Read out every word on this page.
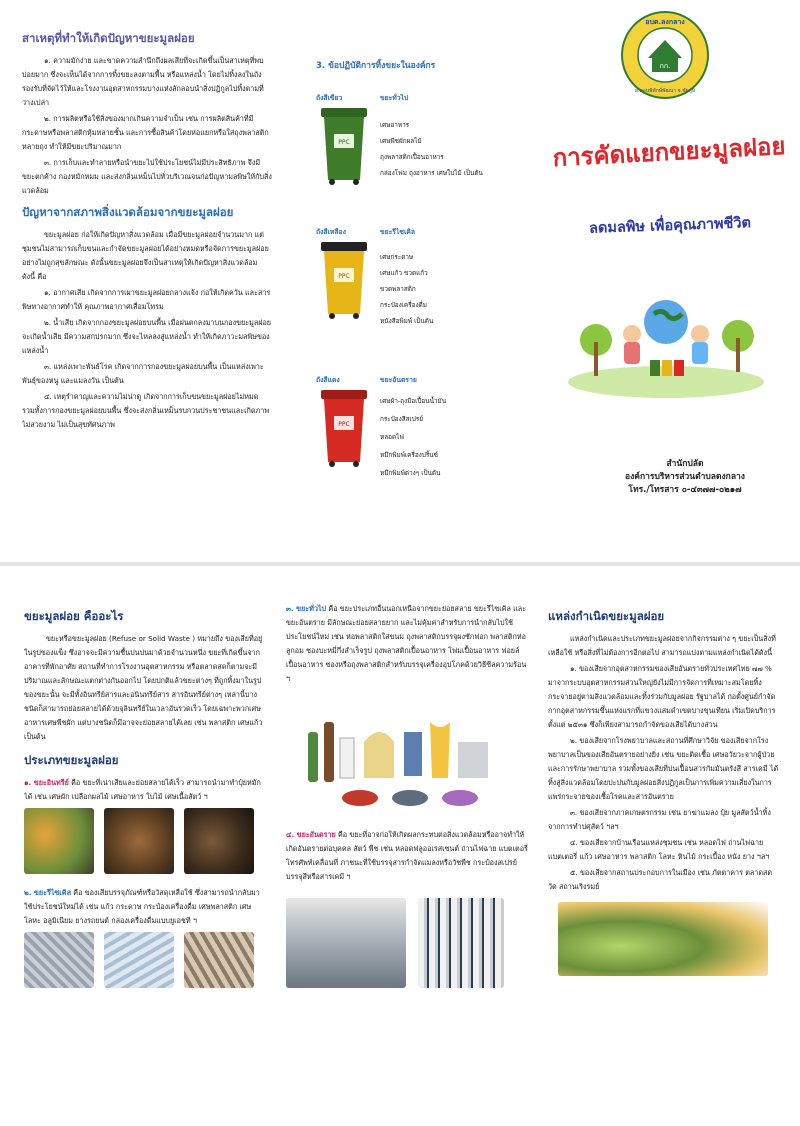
สาเหตุที่ทำให้เกิดปัญหาขยะมูลฝอย

๑. ความมักง่าย และขาดความสำนึกถึงผลเสียที่จะเกิดขึ้นเป็นสาเหตุที่พบบ่อยมาก ซึ่งจะเห็นได้จากการทิ้งขยะลงตามพื้น หรือแหล่งน้ำ โดยไม่ทิ้งลงในถังรองรับที่จัดไว้ให้และโรงงานอุตสาหกรรมบางแห่งลักลอบนำสิ่งปฏิกูลไปทิ้งตามที่ว่างเปล่า

๒. การผลิตหรือใช้สิ่งของมากเกินความจำเป็น เช่น การผลิตสินค้าที่มีกระดาษหรือพลาสติกหุ้มหลายชั้น และการซื้อสินค้าโดยห่อแยกหรือใส่ถุงพลาสติกหลายถุง ทำให้มีขยะปริมาณมาก

๓. การเก็บและทำลายหรือนำขยะไปใช้ประโยชน์ไม่มีประสิทธิภาพ จึงมีขยะตกค้าง กองหมักหมม และส่งกลิ่นเหม็นไปทั่วบริเวณจนก่อปัญหามลพิษให้กับสิ่งแวดล้อม

ปัญหาจากสภาพสิ่งแวดล้อมจากขยะมูลฝอย

ขยะมูลฝอย ก่อให้เกิดปัญหาสิ่งแวดล้อม เมื่อมีขยะมูลฝอยจำนวนมาก แต่ชุมชนไม่สามารถเก็บขนและกำจัดขยะมูลฝอยได้อย่างหมดหรือจัดการขยะมูลฝอยอย่างไม่ถูกสุขลักษณะ ดังนั้นขยะมูลฝอยจึงเป็นสาเหตุให้เกิดปัญหาสิ่งแวดล้อม ดังนี้ คือ

๑. อากาศเสีย เกิดจากการเผาขยะมูลฝอยกลางแจ้ง ก่อให้เกิดควัน และสารพิษทางอากาศทำให้ คุณภาพอากาศเสื่อมโทรม

๒. น้ำเสีย เกิดจากกองขยะมูลฝอยบนพื้น เมื่อฝนตกลงมาบนกองขยะมูลฝอยจะเกิดน้ำเสีย มีความสกปรกมาก ซึ่งจะไหลลงสู่แหล่งน้ำ ทำให้เกิดภาวะมลพิษของแหล่งน้ำ

๓. แหล่งเพาะพันธ์โรค เกิดจากการกองขยะมูลฝอยบนพื้น เป็นแหล่งเพาะพันธุ์ของหนู และแมลงวัน เป็นต้น

๔. เหตุรำคาญและความไม่น่าดู เกิดจากการเก็บขนขยะมูลฝอยไม่หมด รวมทั้งการกองขยะมูลฝอยบนพื้น ซึ่งจะส่งกลิ่นเหม็นรบกวนประชาชนและเกิดภาพไม่สวยงาม ไม่เป็นสุขทัศนภาพ

3. ข้อปฏิบัติการทิ้งขยะในองค์กร
ถังสีเขียว	ขยะทั่วไป
PPC
เศษอาหาร
เศษพืชผักผลไม้
ถุงพลาสติกเปื้อนอาหาร
กล่องโฟม ถุงอาหาร เศษใบไม้ เป็นต้น
ถังสีเหลือง	ขยะรีไซเคิล
PPC
เศษกระดาษ
เศษแก้ว ขวดแก้ว
ขวดพลาสติก
กระป๋องเครื่องดื่ม
หนังสือพิมพ์ เป็นต้น
ถังสีแดง	ขยะอันตราย
PPC
เศษผ้า-ถุงมือเปื้อนน้ำมัน
กระป๋องสีสเปรย์
หลอดไฟ
หมึกพิมพ์เครื่องปริ้นซ์
หมึกพิมพ์ต่างๆ เป็นต้น
กก.
อบต.ลงกลาง
อ.ดอนพิทักษ์พัฒนา จ.ชัยภูมิ
การคัดแยกขยะมูลฝอย
ลดมลพิษ เพื่อคุณภาพชีวิต
สำนักปลัด
องค์การบริหารส่วนตำบลดงกลาง
โทร./โทรสาร ๐-๔๓๗๗-๐๒๑๗
ขยะมูลฝอย คืออะไร

ขยะหรือขยะมูลฝอย (Refuse or Solid Waste ) หมายถึง ของเสียที่อยู่ในรูปของแข็ง ซึ่งอาจจะมีความชื้นปนปนมาด้วยจำนวนหนึ่ง ขยะที่เกิดขึ้นจากอาคารที่พักอาศัย สถานที่ทำการโรงงานอุตสาหกรรม หรือตลาดสดก็ตามจะมีปริมาณและลักษณะแตกต่างกันออกไป โดยปกติแล้วขยะต่างๆ ที่ถูกทิ้งมาในรูปของขยะนั้น จะมีทั้งอินทรีย์สารและอนินทรีย์สาร สารอินทรีย์ต่างๆ เหล่านี้บางชนิดก็สามารถย่อยสลายได้ด้วยจุลินทรีย์ในเวลาอันรวดเร็ว โดยเฉพาะพวกเศษอาหารเศษพืชผัก แต่บางชนิดก็มีอาจจะย่อยสลายได้เลย เช่น พลาสติก เศษแก้ว เป็นต้น

ประเภทขยะมูลฝอย

๑. ขยะอินทรีย์ คือ ขยะที่เน่าเสียและย่อยสลายได้เร็ว สามารถนำมาทำปุ๋ยหมักได้ เช่น เศษผัก เปลือกผลไม้ เศษอาหาร ใบไม้ เศษเนื้อสัตว์ ฯ

๒. ขยะรีไซเคิล คือ ของเสียบรรจุภัณฑ์หรือวัสดุเหลือใช้ ซึ่งสามารถนำกลับมาใช้ประโยชน์ใหม่ได้ เช่น แก้ว กระดาษ กระป๋องเครื่องดื่ม เศษพลาสติก เศษโลหะ อลูมิเนียม ยางรถยนต์ กล่องเครื่องดื่มแบบยูเอชที ฯ

๓. ขยะทั่วไป คือ ขยะประเภทอื่นนอกเหนือจากขยะย่อยสลาย ขยะรีไซเคิล และขยะอันตราย มีลักษณะย่อยสลายยาก และไม่คุ้มค่าสำหรับการนำกลับไปใช้ประโยชน์ใหม่ เช่น ห่อพลาสติกใส่ขนม ถุงพลาสติกบรรจุผงซักฟอก พลาสติกห่อลูกอม ซองบะหมี่กึ่งสำเร็จรูป ถุงพลาสติกเปื้อนอาหาร โฟมเปื้อนอาหาร ฟอยล์เปื้อนอาหาร ซองหรือถุงพลาสติกสำหรับบรรจุเครื่องอุปโภคด้วยวิธีซีลความร้อน ฯ

๔. ขยะอันตราย คือ ขยะที่อาจก่อให้เกิดผลกระทบต่อสิ่งแวดล้อมหรืออาจทำให้เกิดอันตรายต่อบุคคล สัตว์ พืช เช่น หลอดฟลูออเรสเซนต์ ถ่านไฟฉาย แบตเตอรี่โทรศัพท์เคลื่อนที่ ภาชนะที่ใช้บรรจุสารกำจัดแมลงหรือวัชพืช กระป๋องสเปรย์บรรจุสีหรือสารเคมี ฯ

แหล่งกำเนิดขยะมูลฝอย

แหล่งกำเนิดและประเภทขยะมูลฝอยจากกิจกรรมต่าง ๆ ขยะเป็นสิ่งที่เหลือใช้ หรือสิ่งที่ไม่ต้องการอีกต่อไป สามารถแบ่งตามแหล่งกำเนิดได้ดังนี้

๑. ของเสียจากอุตสาหกรรมของเสียอันตรายทั่วประเทศไทย ๗๗ % มาจากระบบอุตสาหกรรมส่วนใหญ่ยังไม่มีการจัดการที่เหมาะสมโดยทิ้งกระจายอยู่ตามสิ่งแวดล้อมและทิ้งร่วมกับมูลฝอย รัฐบาลได้ ก่อตั้งศูนย์กำจัดกากอุตสาหกรรมขึ้นแห่งแรกที่แขวงแสมดำเขตบางขุนเทียน เริ่มเปิดบริการตั้งแต่ ๒๕๓๑ ซึ่งก็เพียงสามารถกำจัดของเสียได้บางส่วน

๒. ของเสียจากโรงพยาบาลและสถานที่ศึกษาวิจัย ของเสียจากโรงพยาบาลเป็นของเสียอันตรายอย่างยิ่ง เช่น ขยะติดเชื้อ เศษอวัยวะจากผู้ป่วย และการรักษาพยาบาล รวมทั้งของเสียที่ปนเปื้อนสารกัมมันตรังสี สารเคมี ได้ทิ้งสู่สิ่งแวดล้อมโดยปะปนกับมูลฝอยสิ่งปฏิกูลเป็นการเพิ่มความเสี่ยงในการแพร่กระจายของเชื้อโรคและสารอันตราย

๓. ของเสียจากภาคเกษตรกรรม เช่น ยาฆ่าแมลง ปุ๋ย มูลสัตว์น้ำทิ้งจากการทำปศุสัตว์ ฯลฯ

๔. ของเสียจากบ้านเรือนแหล่งชุมชน เช่น หลอดไฟ ถ่านไฟฉาย แบตเตอรี่ แก้ว เศษอาหาร พลาสติก โลหะ หินไม้ กระเบื้อง หนัง ยาง ฯลฯ

๕. ของเสียจากสถานประกอบการในเมือง เช่น ภัตตาคาร ตลาดสด วัด สถานเริงรมย์
